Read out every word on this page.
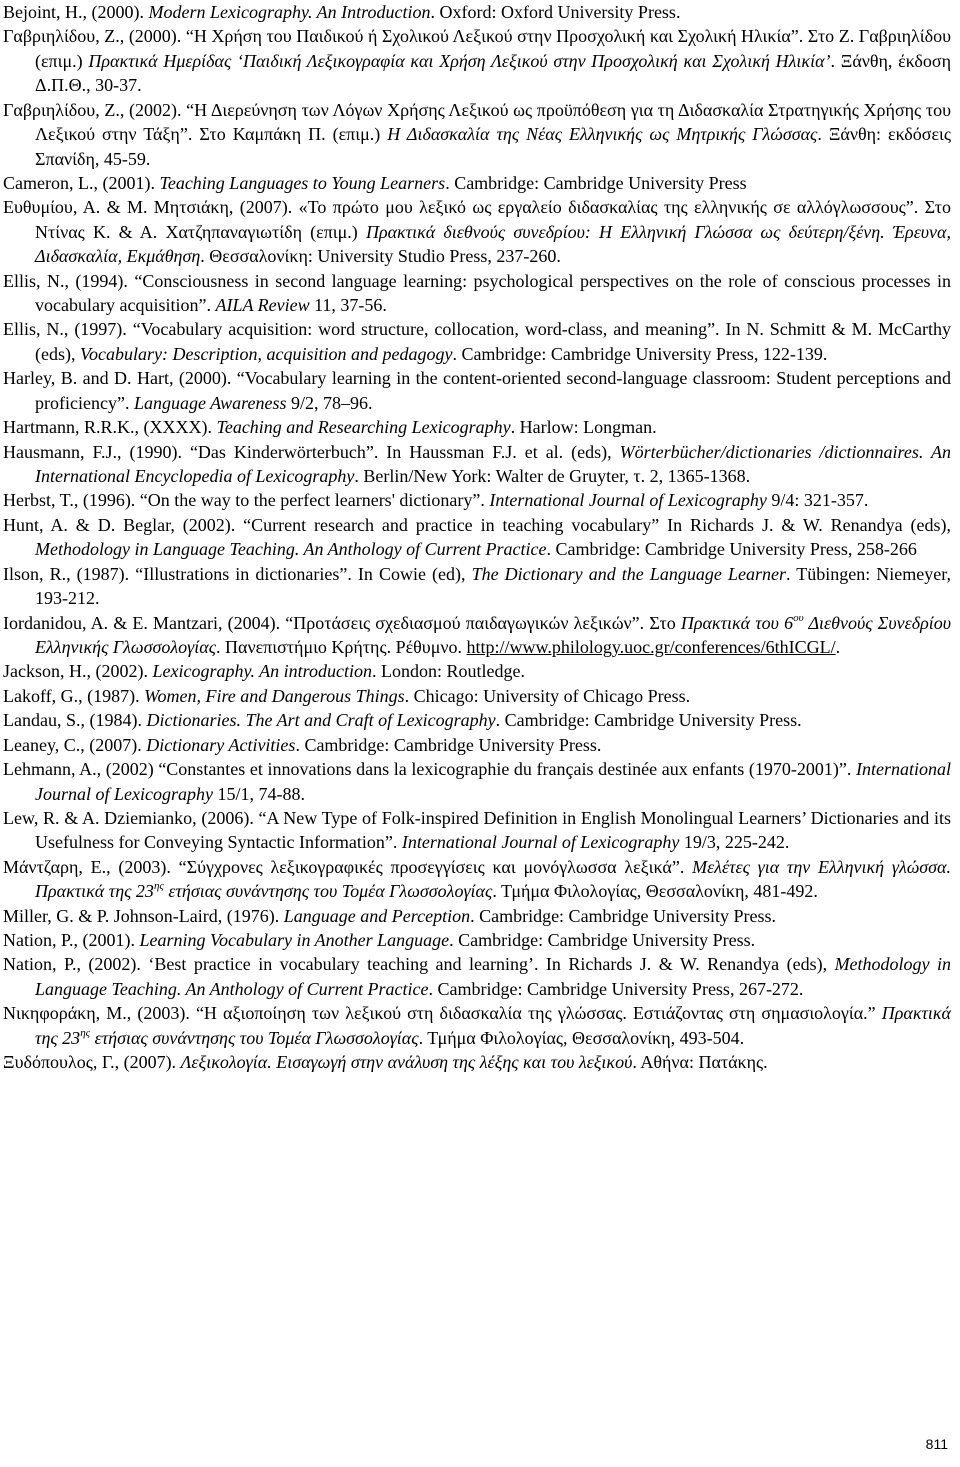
Bejoint, H., (2000). Modern Lexicography. An Introduction. Oxford: Oxford University Press.

Γαβριηλίδου, Ζ., (2000). “Η Χρήση του Παιδικού ή Σχολικού Λεξικού στην Προσχολική και Σχολική Ηλικία”. Στο Ζ. Γαβριηλίδου (επιμ.) Πρακτικά Ημερίδας ‘Παιδική Λεξικογραφία και Χρήση Λεξικού στην Προσχολική και Σχολική Ηλικία’. Ξάνθη, έκδοση Δ.Π.Θ., 30-37.

Γαβριηλίδου, Ζ., (2002). “Η Διερεύνηση των Λόγων Χρήσης Λεξικού ως προϋπόθεση για τη Διδασκαλία Στρατηγικής Χρήσης του Λεξικού στην Τάξη”. Στο Καμπάκη Π. (επιμ.) Η Διδασκαλία της Νέας Ελληνικής ως Μητρικής Γλώσσας. Ξάνθη: εκδόσεις Σπανίδη, 45-59.

Cameron, L., (2001). Teaching Languages to Young Learners. Cambridge: Cambridge University Press

Ευθυμίου, Α. & Μ. Μητσιάκη, (2007). «Το πρώτο μου λεξικό ως εργαλείο διδασκαλίας της ελληνικής σε αλλόγλωσσους”. Στο Ντίνας Κ. & Α. Χατζηπαναγιωτίδη (επιμ.) Πρακτικά διεθνούς συνεδρίου: Η Ελληνική Γλώσσα ως δεύτερη/ξένη. Έρευνα, Διδασκαλία, Εκμάθηση. Θεσσαλονίκη: University Studio Press, 237-260.

Ellis, N., (1994). “Consciousness in second language learning: psychological perspectives on the role of conscious processes in vocabulary acquisition”. AILA Review 11, 37-56.

Ellis, N., (1997). “Vocabulary acquisition: word structure, collocation, word-class, and meaning”. In N. Schmitt & M. McCarthy (eds), Vocabulary: Description, acquisition and pedagogy. Cambridge: Cambridge University Press, 122-139.

Harley, B. and D. Hart, (2000). “Vocabulary learning in the content-oriented second-language classroom: Student perceptions and proficiency”. Language Awareness 9/2, 78–96.

Hartmann, R.R.K., (XXXX). Teaching and Researching Lexicography. Harlow: Longman.

Hausmann, F.J., (1990). “Das Kinderwörterbuch”. In Haussman F.J. et al. (eds), Wörterbücher/dictionaries /dictionnaires. An International Encyclopedia of Lexicography. Berlin/New York: Walter de Gruyter, τ. 2, 1365-1368.

Herbst, T., (1996). “On the way to the perfect learners' dictionary”. International Journal of Lexicography 9/4: 321-357.

Hunt, A. & D. Beglar, (2002). “Current research and practice in teaching vocabulary” In Richards J. & W. Renandya (eds), Methodology in Language Teaching. An Anthology of Current Practice. Cambridge: Cambridge University Press, 258-266

Ilson, R., (1987). “Illustrations in dictionaries”. In Cowie (ed), The Dictionary and the Language Learner. Tübingen: Niemeyer, 193-212.

Iordanidou, A. & E. Mantzari, (2004). “Προτάσεις σχεδιασμού παιδαγωγικών λεξικών”. Στο Πρακτικά του $6^{o\upsilon}$ Διεθνούς Συνεδρίου Ελληνικής Γλωσσολογίας. Πανεπιστήμιο Κρήτης. Ρέθυμνο. http://www.philology.uoc.gr/conferences/6thICGL/.

Jackson, H., (2002). Lexicography. An introduction. London: Routledge.

Lakoff, G., (1987). Women, Fire and Dangerous Things. Chicago: University of Chicago Press.

Landau, S., (1984). Dictionaries. The Art and Craft of Lexicography. Cambridge: Cambridge University Press.

Leaney, C., (2007). Dictionary Activities. Cambridge: Cambridge University Press.

Lehmann, A., (2002) “Constantes et innovations dans la lexicographie du français destinée aux enfants (1970-2001)”. International Journal of Lexicography 15/1, 74-88.

Lew, R. & A. Dziemianko, (2006). “A New Type of Folk-inspired Definition in English Monolingual Learners’ Dictionaries and its Usefulness for Conveying Syntactic Information”. International Journal of Lexicography 19/3, 225-242.

Μάντζαρη, Ε., (2003). “Σύγχρονες λεξικογραφικές προσεγγίσεις και μονόγλωσσα λεξικά”. Μελέτες για την Ελληνική γλώσσα. Πρακτικά της $23^{\eta\varsigma}$ ετήσιας συνάντησης του Τομέα Γλωσσολογίας. Τμήμα Φιλολογίας, Θεσσαλονίκη, 481-492.

Miller, G. & P. Johnson-Laird, (1976). Language and Perception. Cambridge: Cambridge University Press.

Nation, P., (2001). Learning Vocabulary in Another Language. Cambridge: Cambridge University Press.

Nation, P., (2002). ‘Best practice in vocabulary teaching and learning’. In Richards J. & W. Renandya (eds), Methodology in Language Teaching. An Anthology of Current Practice. Cambridge: Cambridge University Press, 267-272.

Νικηφοράκη, Μ., (2003). “Η αξιοποίηση των λεξικού στη διδασκαλία της γλώσσας. Εστιάζοντας στη σημασιολογία.” Πρακτικά της $23^{\eta\varsigma}$ ετήσιας συνάντησης του Τομέα Γλωσσολογίας. Τμήμα Φιλολογίας, Θεσσαλονίκη, 493-504.

Ξυδόπουλος, Γ., (2007). Λεξικολογία. Εισαγωγή στην ανάλυση της λέξης και του λεξικού. Αθήνα: Πατάκης.

811
